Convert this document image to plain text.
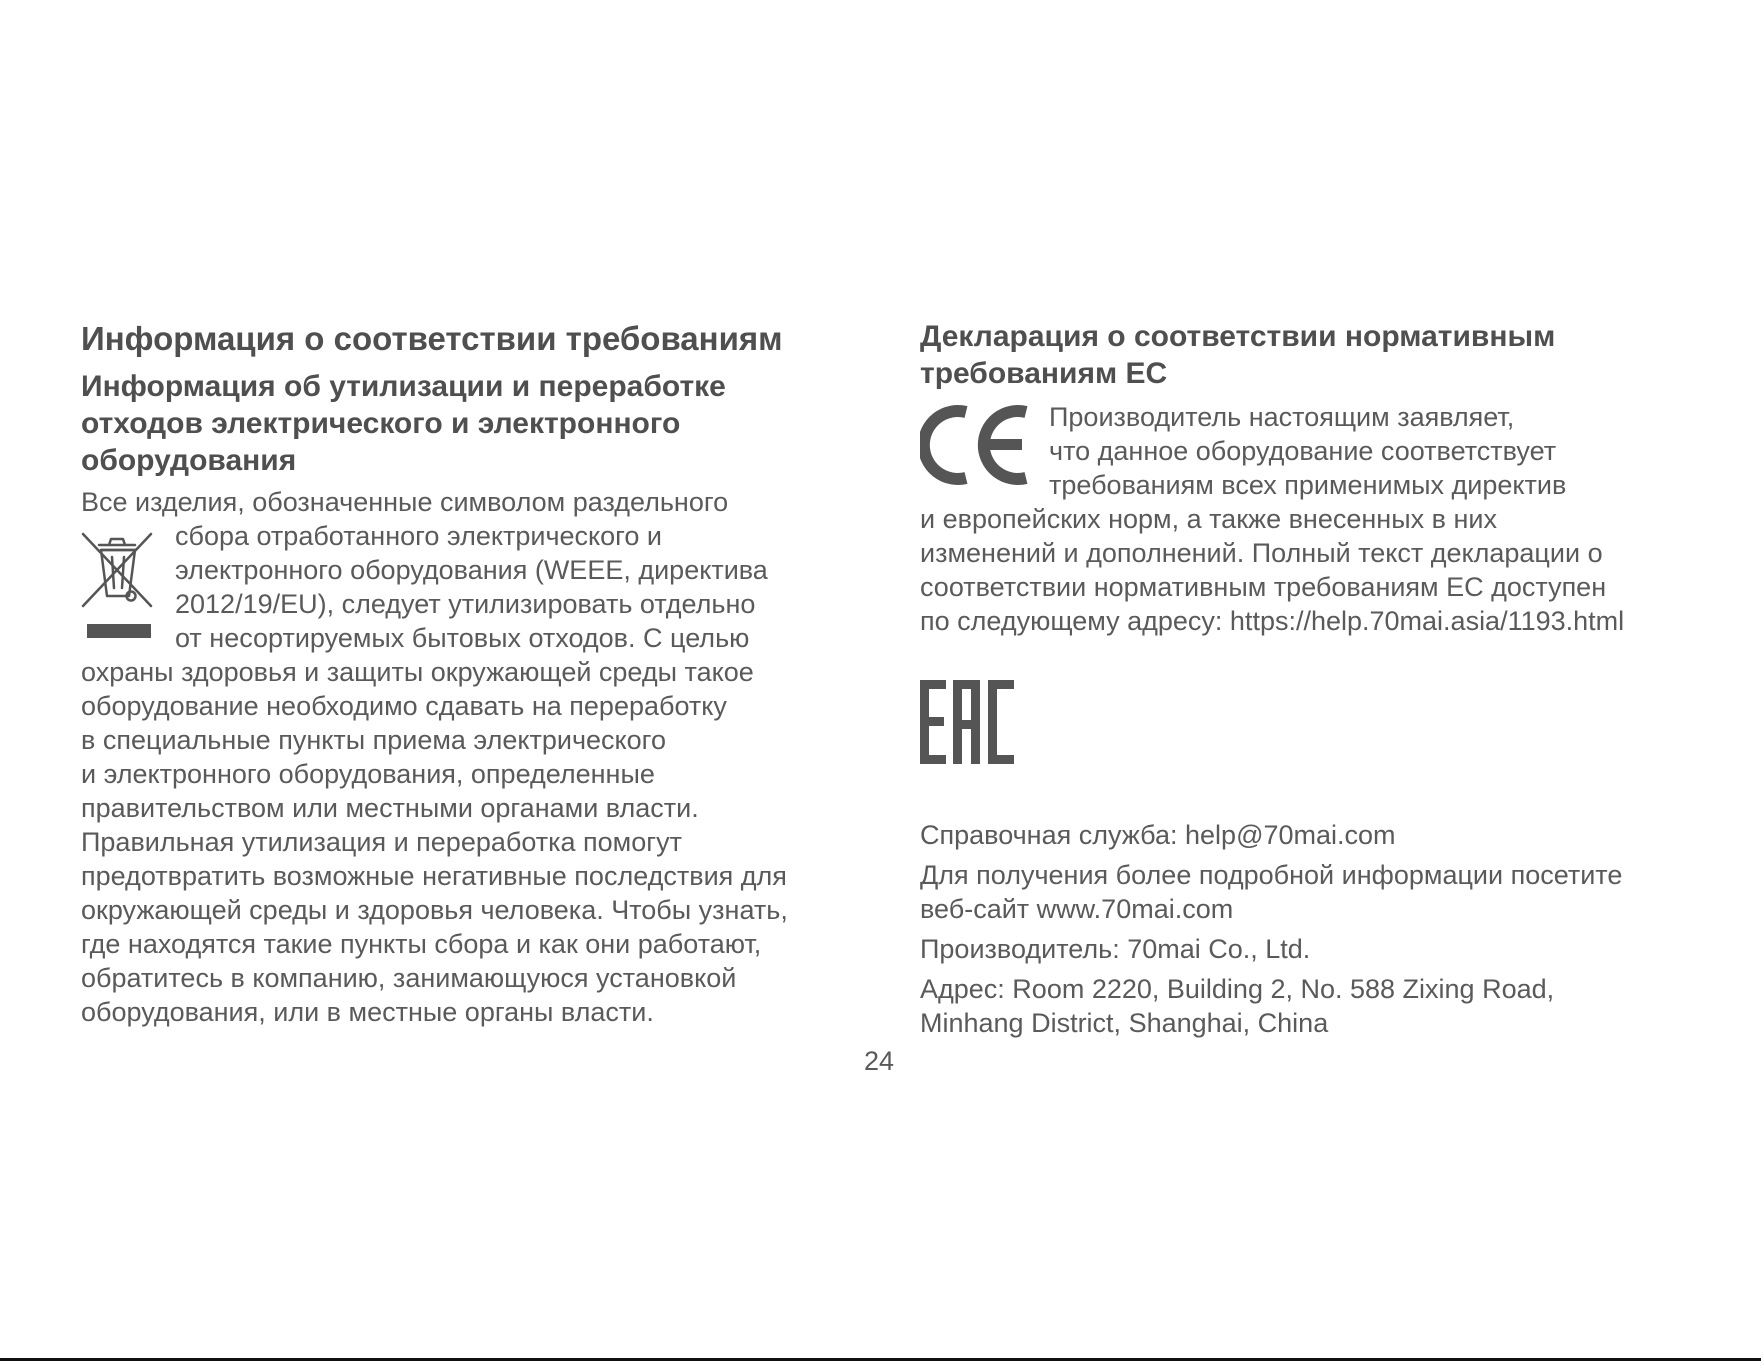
Информация о соответствии требованиям
Информация об утилизации и переработке
отходов электрического и электронного
оборудования

Все изделия, обозначенные символом раздельного

сбора отработанного электрического и

электронного оборудования (WEEE, директива

2012/19/EU), следует утилизировать отдельно

от несортируемых бытовых отходов. С целью

охраны здоровья и защиты окружающей среды такое

оборудование необходимо сдавать на переработку

в специальные пункты приема электрического

и электронного оборудования, определенные

правительством или местными органами власти.

Правильная утилизация и переработка помогут

предотвратить возможные негативные последствия для

окружающей среды и здоровья человека. Чтобы узнать,

где находятся такие пункты сбора и как они работают,

обратитесь в компанию, занимающуюся установкой

оборудования, или в местные органы власти.

Декларация о соответствии нормативным
требованиям ЕС

Производитель настоящим заявляет,

что данное оборудование соответствует

требованиям всех применимых директив

и европейских норм, а также внесенных в них

изменений и дополнений. Полный текст декларации о

соответствии нормативным требованиям ЕС доступен

по следующему адресу: https://help.70mai.asia/1193.html

Справочная служба: help@70mai.com

Для получения более подробной информации посетите

веб-сайт www.70mai.com

Производитель: 70mai Co., Ltd.

Адрес: Room 2220, Building 2, No. 588 Zixing Road,

Minhang District, Shanghai, China

24
